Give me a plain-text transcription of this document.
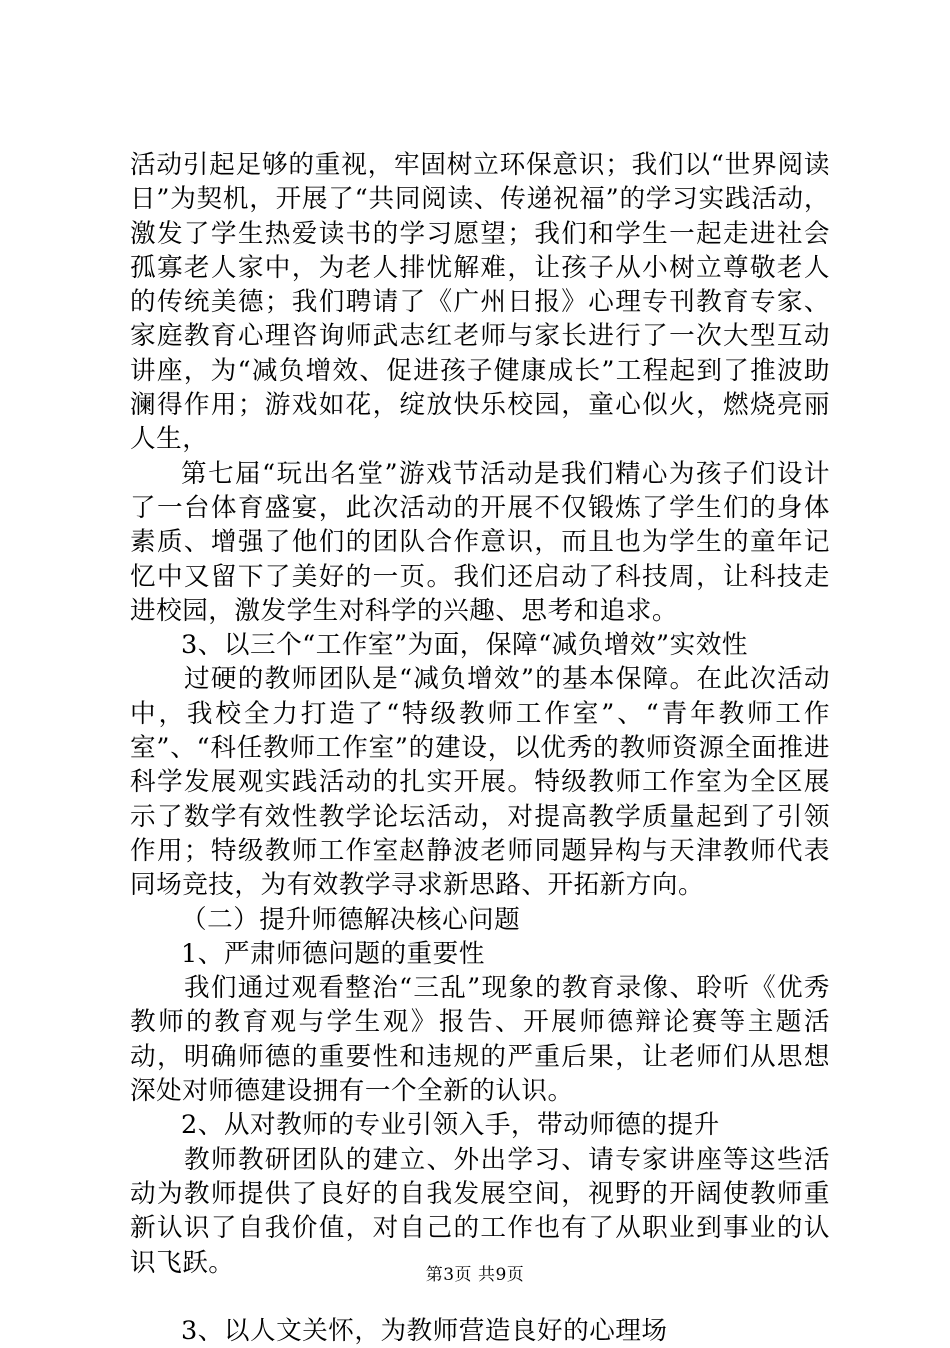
活动引起足够的重视，牢固树立环保意识；我们以“世界阅读日”为契机，开展了“共同阅读、传递祝福”的学习实践活动，激发了学生热爱读书的学习愿望；我们和学生一起走进社会孤寡老人家中，为老人排忧解难，让孩子从小树立尊敬老人的传统美德；我们聘请了《广州日报》心理专刊教育专家、家庭教育心理咨询师武志红老师与家长进行了一次大型互动讲座，为“减负增效、促进孩子健康成长”工程起到了推波助澜得作用；游戏如花，绽放快乐校园，童心似火，燃烧亮丽人生，

第七届“玩出名堂”游戏节活动是我们精心为孩子们设计了一台体育盛宴，此次活动的开展不仅锻炼了学生们的身体素质、增强了他们的团队合作意识，而且也为学生的童年记忆中又留下了美好的一页。我们还启动了科技周，让科技走进校园，激发学生对科学的兴趣、思考和追求。

3、以三个“工作室”为面，保障“减负增效”实效性

过硬的教师团队是“减负增效”的基本保障。在此次活动中，我校全力打造了“特级教师工作室”、“青年教师工作室”、“科任教师工作室”的建设，以优秀的教师资源全面推进科学发展观实践活动的扎实开展。特级教师工作室为全区展示了数学有效性教学论坛活动，对提高教学质量起到了引领作用；特级教师工作室赵静波老师同题异构与天津教师代表同场竞技，为有效教学寻求新思路、开拓新方向。

（二）提升师德解决核心问题

1、严肃师德问题的重要性

我们通过观看整治“三乱”现象的教育录像、聆听《优秀教师的教育观与学生观》报告、开展师德辩论赛等主题活动，明确师德的重要性和违规的严重后果，让老师们从思想深处对师德建设拥有一个全新的认识。

2、从对教师的专业引领入手，带动师德的提升

教师教研团队的建立、外出学习、请专家讲座等这些活动为教师提供了良好的自我发展空间，视野的开阔使教师重新认识了自我价值，对自己的工作也有了从职业到事业的认识飞跃。

3、以人文关怀，为教师营造良好的心理场

第3页 共9页
